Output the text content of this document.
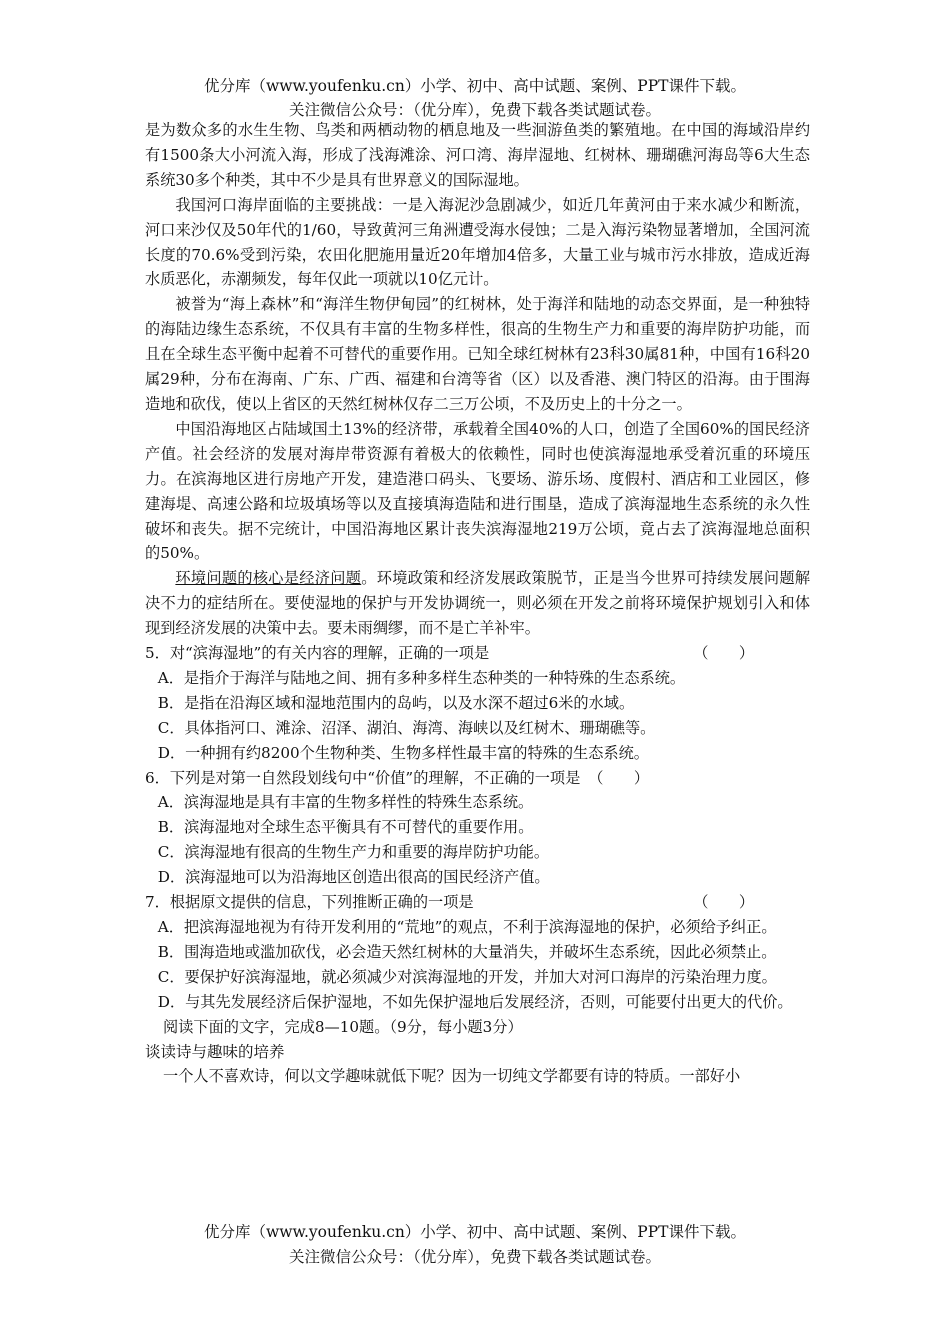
优分库（www.youfenku.cn）小学、初中、高中试题、案例、PPT课件下载。
关注微信公众号：（优分库），免费下载各类试题试卷。

是为数众多的水生生物、鸟类和两栖动物的栖息地及一些洄游鱼类的繁殖地。在中国的海域沿岸约有1500条大小河流入海，形成了浅海滩涂、河口湾、海岸湿地、红树林、珊瑚礁河海岛等6大生态系统30多个种类，其中不少是具有世界意义的国际湿地。

我国河口海岸面临的主要挑战：一是入海泥沙急剧减少，如近几年黄河由于来水减少和断流，河口来沙仅及50年代的1/60，导致黄河三角洲遭受海水侵蚀；二是入海污染物显著增加，全国河流长度的70.6%受到污染，农田化肥施用量近20年增加4倍多，大量工业与城市污水排放，造成近海水质恶化，赤潮频发，每年仅此一项就以10亿元计。

被誉为“海上森林”和“海洋生物伊甸园”的红树林，处于海洋和陆地的动态交界面，是一种独特的海陆边缘生态系统，不仅具有丰富的生物多样性，很高的生物生产力和重要的海岸防护功能，而且在全球生态平衡中起着不可替代的重要作用。已知全球红树林有23科30属81种，中国有16科20属29种，分布在海南、广东、广西、福建和台湾等省（区）以及香港、澳门特区的沿海。由于围海造地和砍伐，使以上省区的天然红树林仅存二三万公顷，不及历史上的十分之一。

中国沿海地区占陆域国土13%的经济带，承载着全国40%的人口，创造了全国60%的国民经济产值。社会经济的发展对海岸带资源有着极大的依赖性，同时也使滨海湿地承受着沉重的环境压力。在滨海地区进行房地产开发，建造港口码头、飞要场、游乐场、度假村、酒店和工业园区，修建海堤、高速公路和垃圾填场等以及直接填海造陆和进行围垦，造成了滨海湿地生态系统的永久性破坏和丧失。据不完统计，中国沿海地区累计丧失滨海湿地219万公顷，竟占去了滨海湿地总面积的50%。

环境问题的核心是经济问题。环境政策和经济发展政策脱节，正是当今世界可持续发展问题解决不力的症结所在。要使湿地的保护与开发协调统一，则必须在开发之前将环境保护规划引入和体现到经济发展的决策中去。要未雨绸缪，而不是亡羊补牢。

5．对“滨海湿地”的有关内容的理解，正确的一项是	（　　）

A．是指介于海洋与陆地之间、拥有多种多样生态种类的一种特殊的生态系统。

B．是指在沿海区域和湿地范围内的岛屿，以及水深不超过6米的水域。

C．具体指河口、滩涂、沼泽、湖泊、海湾、海峡以及红树木、珊瑚礁等。

D．一种拥有约8200个生物种类、生物多样性最丰富的特殊的生态系统。

6．下列是对第一自然段划线句中“价值”的理解，不正确的一项是 （　　）

A．滨海湿地是具有丰富的生物多样性的特殊生态系统。

B．滨海湿地对全球生态平衡具有不可替代的重要作用。

C．滨海湿地有很高的生物生产力和重要的海岸防护功能。

D．滨海湿地可以为沿海地区创造出很高的国民经济产值。

7．根据原文提供的信息，下列推断正确的一项是	（　　）

A．把滨海湿地视为有待开发利用的“荒地”的观点，不利于滨海湿地的保护，必须给予纠正。

B．围海造地或滥加砍伐，必会造天然红树林的大量消失，并破坏生态系统，因此必须禁止。

C．要保护好滨海湿地，就必须减少对滨海湿地的开发，并加大对河口海岸的污染治理力度。

D．与其先发展经济后保护湿地，不如先保护湿地后发展经济，否则，可能要付出更大的代价。

阅读下面的文字，完成8—10题。（9分，每小题3分）

谈读诗与趣味的培养

一个人不喜欢诗，何以文学趣味就低下呢？因为一切纯文学都要有诗的特质。一部好小

优分库（www.youfenku.cn）小学、初中、高中试题、案例、PPT课件下载。
关注微信公众号：（优分库），免费下载各类试题试卷。
